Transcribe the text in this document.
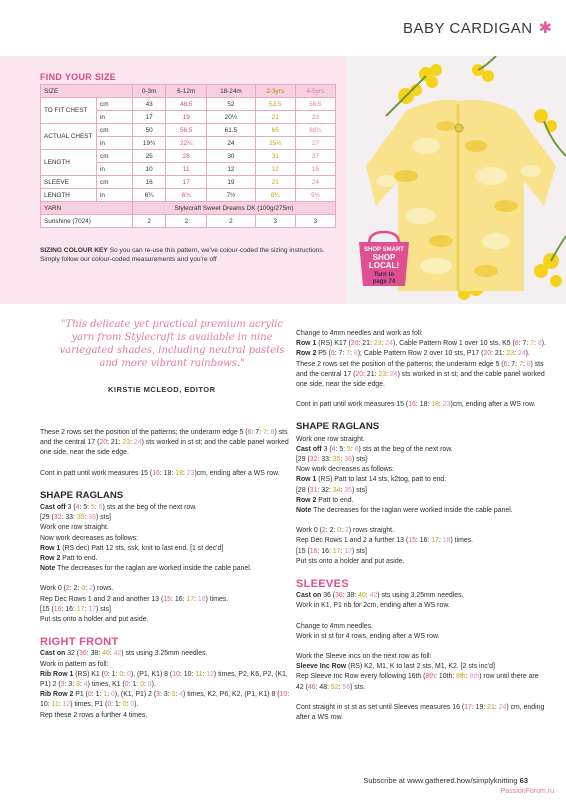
BABY CARDIGAN ✱
FIND YOUR SIZE
SIZE		0-3m	6-12m	18-24m	2-3yrs	4-5yrs
TO FIT CHEST	cm	43	48.5	52	53.5	58.5
	in	17	19	20½	21	23
ACTUAL CHEST	cm	50	56.5	61.5	65	68½
	in	19¾	22¼	24	25½	27
LENGTH	cm	25	28	30	31	37
	in	10	11	12	12	15
SLEEVE	cm	16	17	19	21	24
LENGTH	in	6¼	6¾	7½	8¼	9½
YARN		Stylecraft Sweet Dreams DK (100g/275m)				
Sunshine (7024)		2	2	2	3	3
SIZING COLOUR KEY So you can re-use this pattern, we've colour-coded the sizing instructions. Simply follow our colour-coded measurements and you're off
SHOP SMART
SHOP
LOCAL!
Turn to
page 74
"This delicate yet practical premium acrylic yarn from Stylecraft is available in nine variegated shades, including neutral pastels and more vibrant rainbows."
KIRSTIE MCLEOD, EDITOR

These 2 rows set the position of the patterns; the underarm edge 5 (6: 7: 7: 8) sts and the central 17 (20: 21: 23: 24) sts worked in st st; and the cable panel worked one side, near the side edge.

Cont in patt until work measures 15 (16: 18: 18: 23)cm, ending after a WS row.

SHAPE RAGLANS

Cast off 3 (4: 5: 5: 6) sts at the beg of the next row.

[29 (32: 33: 35: 36) sts]

Work one row straight.

Now work decreases as follows:

Row 1 (RS dec) Patt 12 sts, ssk, knit to last end. [1 st dec'd]

Row 2 Patt to end.

Note The decreases for the raglan are worked inside the cable panel.

Work 0 (2: 2: 0: 2) rows.

Rep Dec Rows 1 and 2 and another 13 (15: 16: 17: 18) times.

[15 (16: 16: 17: 17) sts]

Put sts onto a holder and put aside.

RIGHT FRONT

Cast on 32 (36: 38: 40: 42) sts using 3.25mm needles.

Work in pattern as foll:

Rib Row 1 (RS) K1 (0: 1: 0: 0), (P1, K1) 8 (10: 10: 11: 12) times, P2, K6, P2, (K1, P1) 2 (3: 3: 3: 4) times, K1 (0: 1: 0: 0).

Rib Row 2 P1 (0: 1: 1: 0), (K1, P1) 2 (3: 3: 3: 4) times, K2, P6, K2, (P1, K1) 8 (10: 10: 11: 12) times, P1 (0: 1: 0: 0).

Rep these 2 rows a further 4 times.

Change to 4mm needles and work as foll:

Row 1 (RS) K17 (20: 21: 23: 24), Cable Pattern Row 1 over 10 sts, K5 (6: 7: 7: 8).

Row 2 P5 (6: 7: 7: 8); Cable Pattern Row 2 over 10 sts, P17 (20: 21: 23: 24).

These 2 rows set the position of the patterns; the underarm edge 5 (6: 7: 7: 8) sts and the central 17 (20: 21: 23: 24) sts worked in st st; and the cable panel worked one side, near the side edge.

Cont in patt until work measures 15 (16: 18: 18: 23)cm, ending after a WS row.

SHAPE RAGLANS

Work one row straight.

Cast off 3 (4: 5: 5: 6) sts at the beg of the next row.

[29 (32: 33: 35: 36) sts]

Now work decreases as follows:

Row 1 (RS) Patt to last 14 sts, k2tog, patt to end.

[28 (31: 32: 34: 35) sts]

Row 2 Patt to end.

Note The decreases for the raglan were worked inside the cable panel.

Work 0 (2: 2: 0: 2) rows straight.

Rep Dec Rows 1 and 2 a further 13 (15: 16: 17: 18) times.

[15 (16: 16: 17: 17) sts]

Put sts onto a holder and put aside.

SLEEVES

Cast on 36 (36: 38: 40: 42) sts using 3.25mm needles.

Work in K1, P1 rib for 2cm, ending after a WS row.

Change to 4mm needles.

Work in st st for 4 rows, ending after a WS row.

Work the Sleeve incs on the next row as foll:

Sleeve Inc Row (RS) K2, M1, K to last 2 sts, M1, K2. [2 sts inc'd]

Rep Sleeve Inc Row every following 16th (8th: 10th: 8th: 8th) row until there are 42 (46: 48: 52: 56) sts.

Cont straight in st st as set until Sleeves measures 16 (17: 19: 21: 24) cm, ending after a WS row.

Subscribe at www.gathered.how/simplyknitting 63
PassionForum.ru
